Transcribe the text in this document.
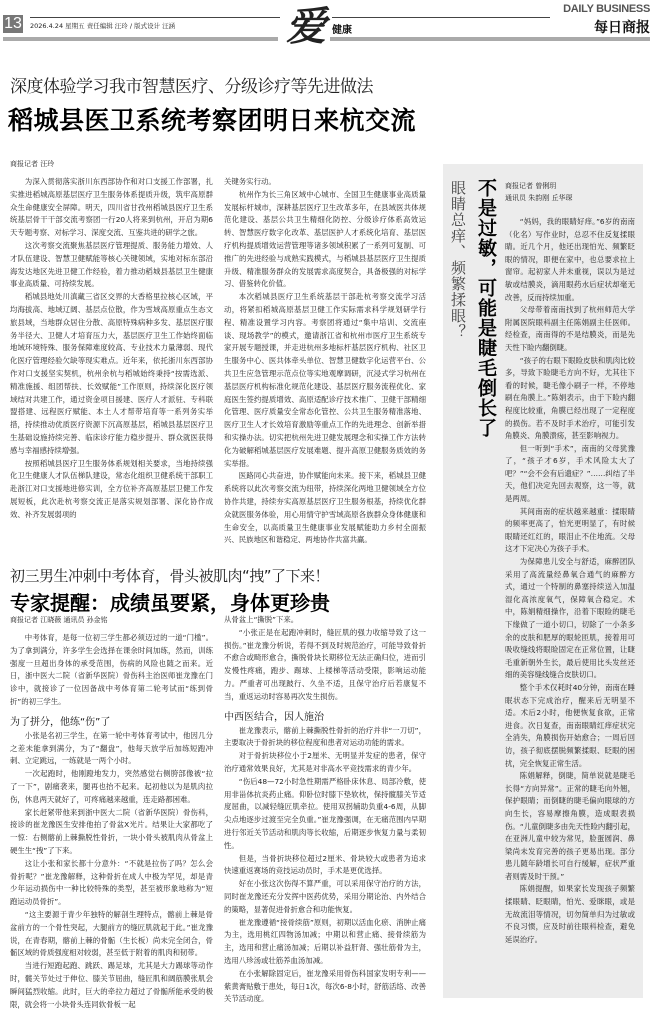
13 2026.4.24 星期五 责任编辑 汪玲 / 版式设计 汪涵	爱 健康
DAILY BUSINESS
每日商报
深度体验学习我市智慧医疗、分级诊疗等先进做法
稻城县医卫系统考察团明日来杭交流
商报记者 汪玲

为深入贯彻落实浙川东西部协作和对口支援工作部署，扎实推进稻城高原基层医疗卫生服务体系提质升级，筑牢高原群众生命健康安全屏障。明天，四川省甘孜州稻城县医疗卫生系统基层骨干干部交流考察团一行20人将来到杭州，开启为期6天专题考察、对标学习、深度交流、互鉴共进的研学之旅。

这次考察交流聚焦基层医疗管理提质、服务能力增效、人才队伍建设、智慧卫健赋能等核心关键领域，实地对标东部沿海发达地区先进卫健工作经验，着力推动稻城县基层卫生健康事业高质量、可持续发展。

稻城县地处川滇藏三省区交界的大香格里拉核心区域，平均海拔高、地域辽阔、基层点位散，作为雪域高原重点生态文旅县域，当地群众居住分散、高原特殊病种多发、基层医疗服务半径大、卫健人才培育压力大，基层医疗卫生工作始终面临地域环境特殊、服务保障难度较高、专业技术力量薄弱、现代化医疗管理经验欠缺等现实难点。近年来，依托浙川东西部协作对口支援坚实契机，杭州余杭与稻城始终秉持“按需选派、精准施援、组团帮扶、长效赋能”工作原则，持续深化医疗领域结对共建工作，通过资金项目援建、医疗人才派驻、专科联盟搭建、远程医疗赋能、本土人才帮带培育等一系列务实举措，持续推动优质医疗资源下沉高原基层，稻城县基层医疗卫生基础设施持续完善、临床诊疗能力稳步提升、群众就医获得感与幸福感持续增强。

按照稻城县医疗卫生服务体系规划相关要求，当地持续强化卫生健康人才队伍梯队建设，常态化组织卫健系统干部职工赴浙江对口支援地进修实训，全方位补齐高原基层卫健工作发展短板，此次赴杭考察交流正是落实规划部署、深化协作成效、补齐发展弱项的

关键务实行动。

杭州作为长三角区域中心城市、全国卫生健康事业高质量发展标杆城市，深耕基层医疗卫生改革多年，在县域医共体规范化建设、基层公共卫生精细化防控、分级诊疗体系高效运转、智慧医疗数字化改革、基层医护人才系统化培育、基层医疗机构提质增效运营管理等诸多领域积累了一系列可复制、可推广的先进经验与成熟实践模式，与稻城县基层医疗卫生提质升级、精准服务群众的发展需求高度契合，具备极强的对标学习、借鉴转化价值。

本次稻城县医疗卫生系统基层干部赴杭考察交流学习活动，将紧扣稻城高原基层卫健工作实际需求科学规划研学行程、精准设置学习内容。考察团将通过“集中培训、交流座谈、现场教学”的模式，邀请浙江省和杭州市医疗卫生系统专家开展专题授课，并走进杭州多地标杆基层医疗机构、社区卫生服务中心、医共体牵头单位、智慧卫健数字化运营平台、公共卫生应急管理示范点位等实地观摩调研，沉浸式学习杭州在基层医疗机构标准化规范化建设、基层医疗服务流程优化、家庭医生签约提质增效、高原适配诊疗技术推广、卫健干部精细化管理、医疗质量安全常态化管控、公共卫生服务精准落地、医疗卫生人才长效培育激励等重点工作的先进理念、创新举措和实操办法。切实把杭州先进卫健发展理念和实操工作方法转化为破解稻城基层医疗发展难题、提升高原卫健服务质效的务实举措。

医路同心共奋进，协作赋能向未来。接下来，稻城县卫健系统将以此次考察交流为纽带，持续深化两地卫健领域全方位协作共建，持续夯实高原基层医疗卫生服务根基，持续优化群众就医服务体验，用心用情守护雪域高原各族群众身体健康和生命安全，以高质量卫生健康事业发展赋能助力乡村全面振兴、民族地区和谐稳定、两地协作共富共赢。

初三男生冲刺中考体育，骨头被肌肉“拽”了下来！
专家提醒：成绩虽要紧，身体更珍贵
商报记者 江晓薇 通讯员 孙金铭

中考体育，是每一位初三学生都必须迈过的一道“门槛”。为了拿到满分，许多学生会选择在课余时间加练，然而，训练强度一旦超出身体的承受范围，伤病的风险也随之而来。近日，浙中医大二院（省新华医院）骨伤科主治医师崔龙豫在门诊中，就接诊了一位因备战中考体育第二轮考试而“练到骨折”的初三学生。

为了拼分，他练“伤”了

小张是名初三学生，在第一轮中考体育考试中，他因几分之差未能拿到满分，为了“翻盘”，他每天放学后加练短跑冲刺、立定跳远，一练就是一两个小时。

一次起跑时，他刚蹬地发力，突然感觉右侧胯部像被“拉了一下”，剧痛袭来，腿再也抬不起来。起初他以为是肌肉拉伤，休息两天就好了，可疼痛越来越重，连走路都困难。

家长赶紧带他来到浙中医大二院（省新华医院）骨伤科，接诊的崔龙豫医生安排他拍了骨盆X光片。结果让大家都吃了一惊：右侧髂前上棘撕脱性骨折，一块小骨头被肌肉从骨盆上硬生生“拽”了下来。

这让小张和家长都十分意外：“不就是拉伤了吗？怎么会骨折呢？”崔龙豫解释，这种骨折在成人中极为罕见，却是青少年运动损伤中一种比较特殊的类型，甚至被形象地称为“短跑运动员骨折”。

“这主要源于青少年独特的解剖生理特点，髂前上棘是骨盆前方的一个骨性突起，大腿前方的缝匠肌就起于此。”崔龙豫说，在青春期，髂前上棘的骨骺（生长板）尚未完全闭合，骨骺区域的骨质强度相对较弱，甚至低于附着的肌肉和韧带。

当进行短跑起跑、跳跃、踢足球，尤其是大力踢球等动作时，髋关节处过于伸位、膝关节屈曲，缝匠肌和阔筋膜张肌会瞬间猛烈收缩。此时，巨大的牵拉力超过了骨骺所能承受的极限，就会将一小块骨头连同软骨板一起

从骨盆上“撕脱”下来。

“小张正是在起跑冲刺时，缝匠肌的强力收缩导致了这一损伤。”崔龙豫分析说，若得不到及时规范治疗，可能导致骨折不愈合或畸形愈合，撕脱骨块长期移位无法正确归位，进而引发慢性疼痛，跑步、踢球、上楼梯等活动受限，影响运动能力。严重者可出现跛行、久坐不适，且保守治疗后若康复不当，重返运动时容易再次发生损伤。

中西医结合，因人施治

崔龙豫表示，髂前上棘撕脱性骨折的治疗并非“一刀切”，主要取决于骨折块的移位程度和患者对运动功能的需求。

对于骨折块移位小于2厘米、无明显并发症的患者，保守治疗通常效果良好，尤其是对非高水平竞技需求的青少年。

“伤后48—72小时急性期需严格卧床休息、局部冷敷，使用非甾体抗炎药止痛。仰卧位时膝下垫软枕，保持髋膝关节适度屈曲，以减轻缝匠肌牵拉。使用双拐辅助负重4-6周，从脚尖点地逐步过渡至完全负重。”崔龙豫强调，在无痛范围内早期进行邻近关节活动和肌肉等长收缩，后期逐步恢复力量与柔韧性。

但是，当骨折块移位超过2厘米、骨块较大或患者为追求快速重返赛场的竞技运动员时，手术是更优选择。

好在小张这次伤得不算严重，可以采用保守治疗的方法，同时崔龙豫还充分发挥中医药优势，采用分期论治、内外结合的策略，显著促进骨折愈合和功能恢复。

崔龙豫遵循“接骨续筋”原则，初期以活血化瘀、消肿止痛为主，选用桃红四物汤加减；中期以和营止痛、接骨续筋为主，选用和营止痛汤加减；后期以补益肝肾、强壮筋骨为主，选用八珍汤或壮筋养血汤加减。

在小张解除固定后，崔龙豫采用骨伤科国家发明专利——紫黄膏贴敷于患处，每日1次，每次6-8小时，舒筋活络、改善关节活动度。

眼睛总痒、频繁揉眼？ 不是过敏，可能是睫毛倒长了 商报记者 曾俐玥
通讯员 朱韵刚 丘华琛

“妈妈，我的眼睛好痒。”6岁的南南（化名）写作业时，总忍不住反复揉眼睛。近几个月，他还出现怕光、频繁眨眼的情况，即便在家中，也总要求拉上窗帘。起初家人并未重视，误以为是过敏或结膜炎，滴用眼药水后症状却毫无改善，反而持续加重。

父母带着南南找到了杭州师范大学附属医院眼科副主任陈娟副主任医师。经检查，南南得的不是结膜炎，而是先天性下睑内翻倒睫。

“孩子的右眼下眼睑皮肤和肌肉比较多，导致下睑睫毛方向不好，尤其往下看的时候，睫毛像小刷子一样，不停地刷在角膜上。”陈娟表示，由于下睑内翻程度比较重，角膜已经出现了一定程度的损伤。若不及时手术治疗，可能引发角膜炎、角膜溃疡，甚至影响视力。

但一听到“手术”，南南的父母犹豫了，“孩子才6岁，手术风险太大了吧？”“会不会有后遗症？”……纠结了半天，他们决定先回去观察，这一等，就是两周。

其间南南的症状越来越重：揉眼睛的频率更高了，怕光更明显了，有时候眼睛还红红的，眼泪止不住地流。父母这才下定决心为孩子手术。

为保障患儿安全与舒适，麻醉团队采用了高流量经鼻氧合通气的麻醉方式，通过一个特制的鼻塞持续送入加温湿化高浓度氧气，保障氧合稳定。术中，陈娟精细操作，沿着下眼睑的睫毛下缘做了一道小切口，切除了一小条多余的皮肤和肥厚的眼轮匝肌，接着用可吸收缝线将眼睑固定在正常位置，让睫毛重新朝外生长，最后使用比头发丝还细的美容缝线缝合皮肤切口。

整个手术仅耗时40分钟，南南在睡眠状态下完成治疗，醒来后无明显不适。术后2小时，他便恢复食欲，正常进食。次日复查，南南眼睛红痒症状完全消失，角膜损伤开始愈合；一周后回访，孩子彻底摆脱频繁揉眼、眨眼的困扰，完全恢复正常生活。

陈娟解释，倒睫，简单说就是睫毛长得“方向异常”。正常的睫毛向外翘，保护眼睛；而倒睫的睫毛偏向眼球的方向生长，容易摩擦角膜，造成眼表损伤。“儿童倒睫多由先天性睑内翻引起，在亚洲儿童中较为常见，脸蛋圆润、鼻梁尚未发育完善的孩子更易出现。部分患儿随年龄增长可自行缓解，症状严重者则需及时干预。”

陈娟提醒，如果家长发现孩子频繁揉眼睛、眨眼睛，怕光、爱眯眼，或是无故流泪等情况，切勿简单归为过敏或不良习惯，应及时前往眼科检查，避免延误治疗。
